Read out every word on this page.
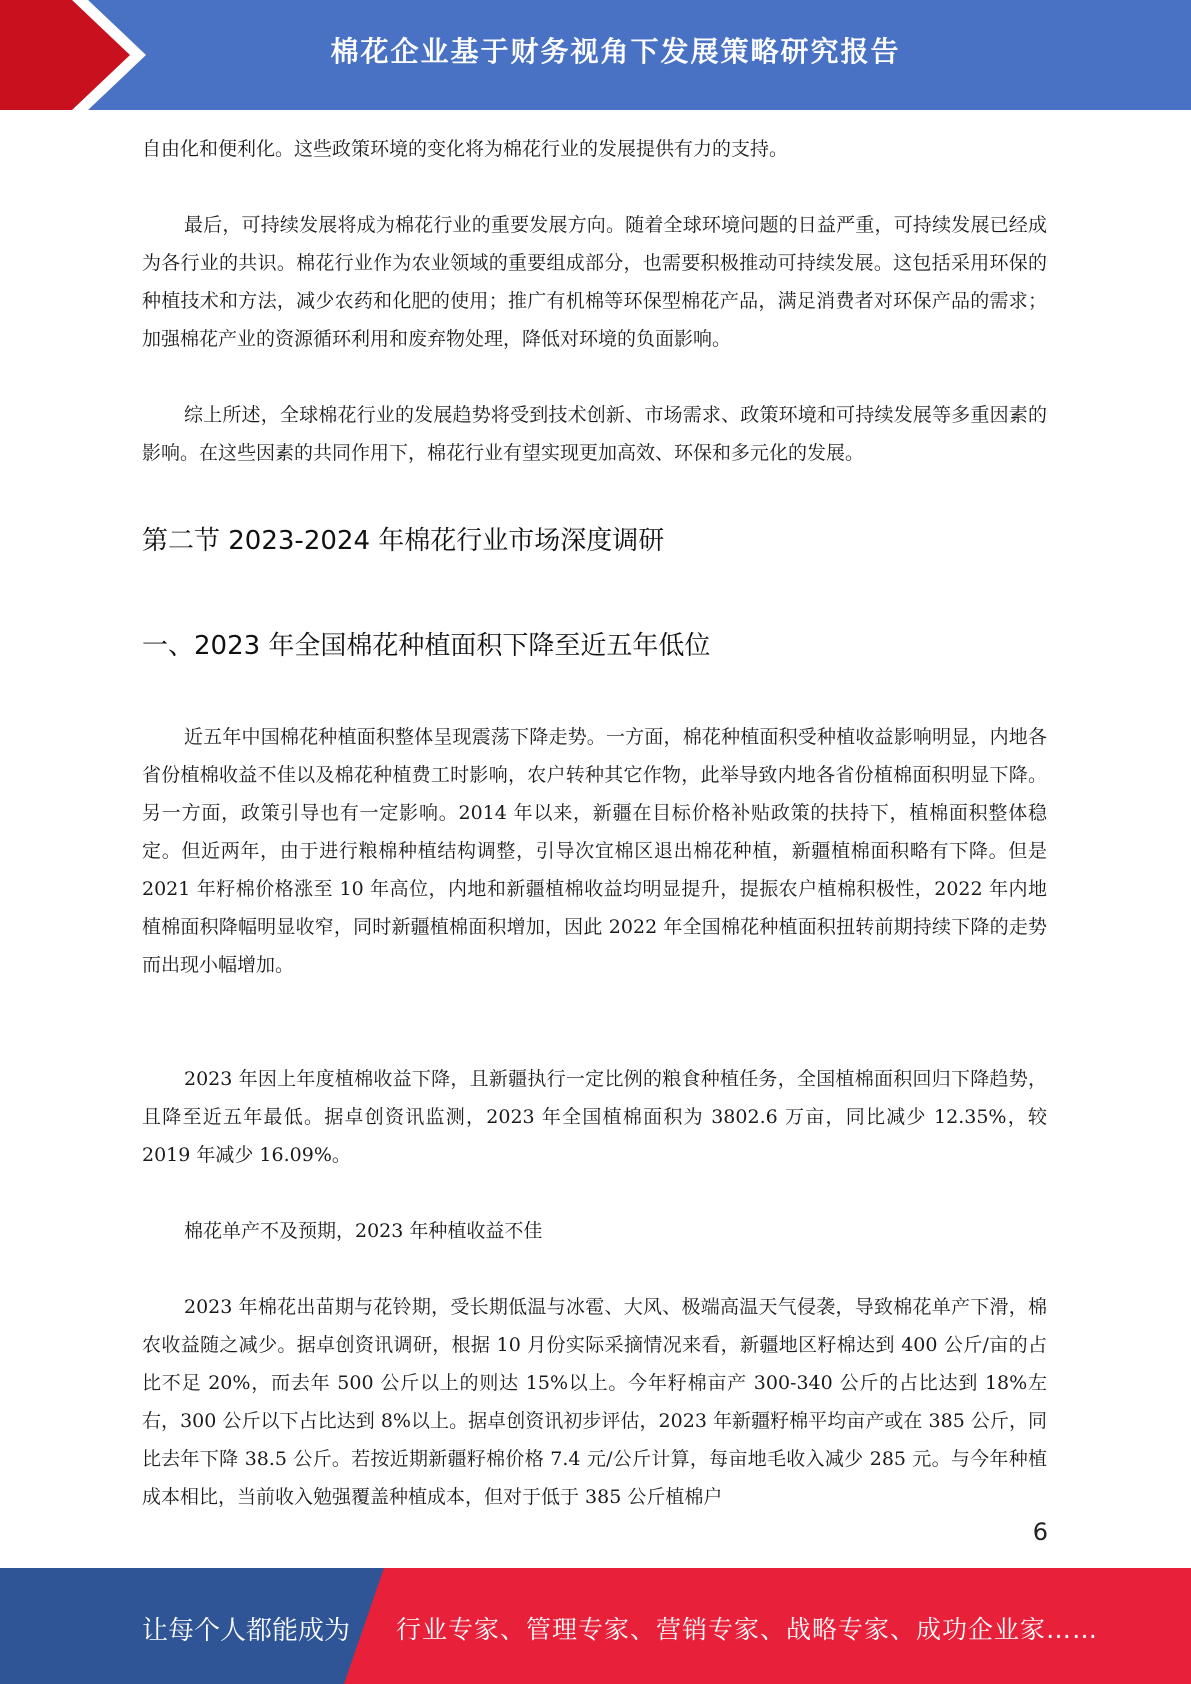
棉花企业基于财务视角下发展策略研究报告

自由化和便利化。这些政策环境的变化将为棉花行业的发展提供有力的支持。

最后，可持续发展将成为棉花行业的重要发展方向。随着全球环境问题的日益严重，可持续发展已经成为各行业的共识。棉花行业作为农业领域的重要组成部分，也需要积极推动可持续发展。这包括采用环保的种植技术和方法，减少农药和化肥的使用；推广有机棉等环保型棉花产品，满足消费者对环保产品的需求；加强棉花产业的资源循环利用和废弃物处理，降低对环境的负面影响。

综上所述，全球棉花行业的发展趋势将受到技术创新、市场需求、政策环境和可持续发展等多重因素的影响。在这些因素的共同作用下，棉花行业有望实现更加高效、环保和多元化的发展。

第二节 2023-2024 年棉花行业市场深度调研
一、2023 年全国棉花种植面积下降至近五年低位

近五年中国棉花种植面积整体呈现震荡下降走势。一方面，棉花种植面积受种植收益影响明显，内地各省份植棉收益不佳以及棉花种植费工时影响，农户转种其它作物，此举导致内地各省份植棉面积明显下降。另一方面，政策引导也有一定影响。2014 年以来，新疆在目标价格补贴政策的扶持下，植棉面积整体稳定。但近两年，由于进行粮棉种植结构调整，引导次宜棉区退出棉花种植，新疆植棉面积略有下降。但是 2021 年籽棉价格涨至 10 年高位，内地和新疆植棉收益均明显提升，提振农户植棉积极性，2022 年内地植棉面积降幅明显收窄，同时新疆植棉面积增加，因此 2022 年全国棉花种植面积扭转前期持续下降的走势而出现小幅增加。

2023 年因上年度植棉收益下降，且新疆执行一定比例的粮食种植任务，全国植棉面积回归下降趋势，且降至近五年最低。据卓创资讯监测，2023 年全国植棉面积为 3802.6 万亩，同比减少 12.35%，较 2019 年减少 16.09%。

棉花单产不及预期，2023 年种植收益不佳

2023 年棉花出苗期与花铃期，受长期低温与冰雹、大风、极端高温天气侵袭，导致棉花单产下滑，棉农收益随之减少。据卓创资讯调研，根据 10 月份实际采摘情况来看，新疆地区籽棉达到 400 公斤/亩的占比不足 20%，而去年 500 公斤以上的则达 15%以上。今年籽棉亩产 300-340 公斤的占比达到 18%左右，300 公斤以下占比达到 8%以上。据卓创资讯初步评估，2023 年新疆籽棉平均亩产或在 385 公斤，同比去年下降 38.5 公斤。若按近期新疆籽棉价格 7.4 元/公斤计算，每亩地毛收入减少 285 元。与今年种植成本相比，当前收入勉强覆盖种植成本，但对于低于 385 公斤植棉户

6
让每个人都能成为 行业专家、管理专家、营销专家、战略专家、成功企业家……
